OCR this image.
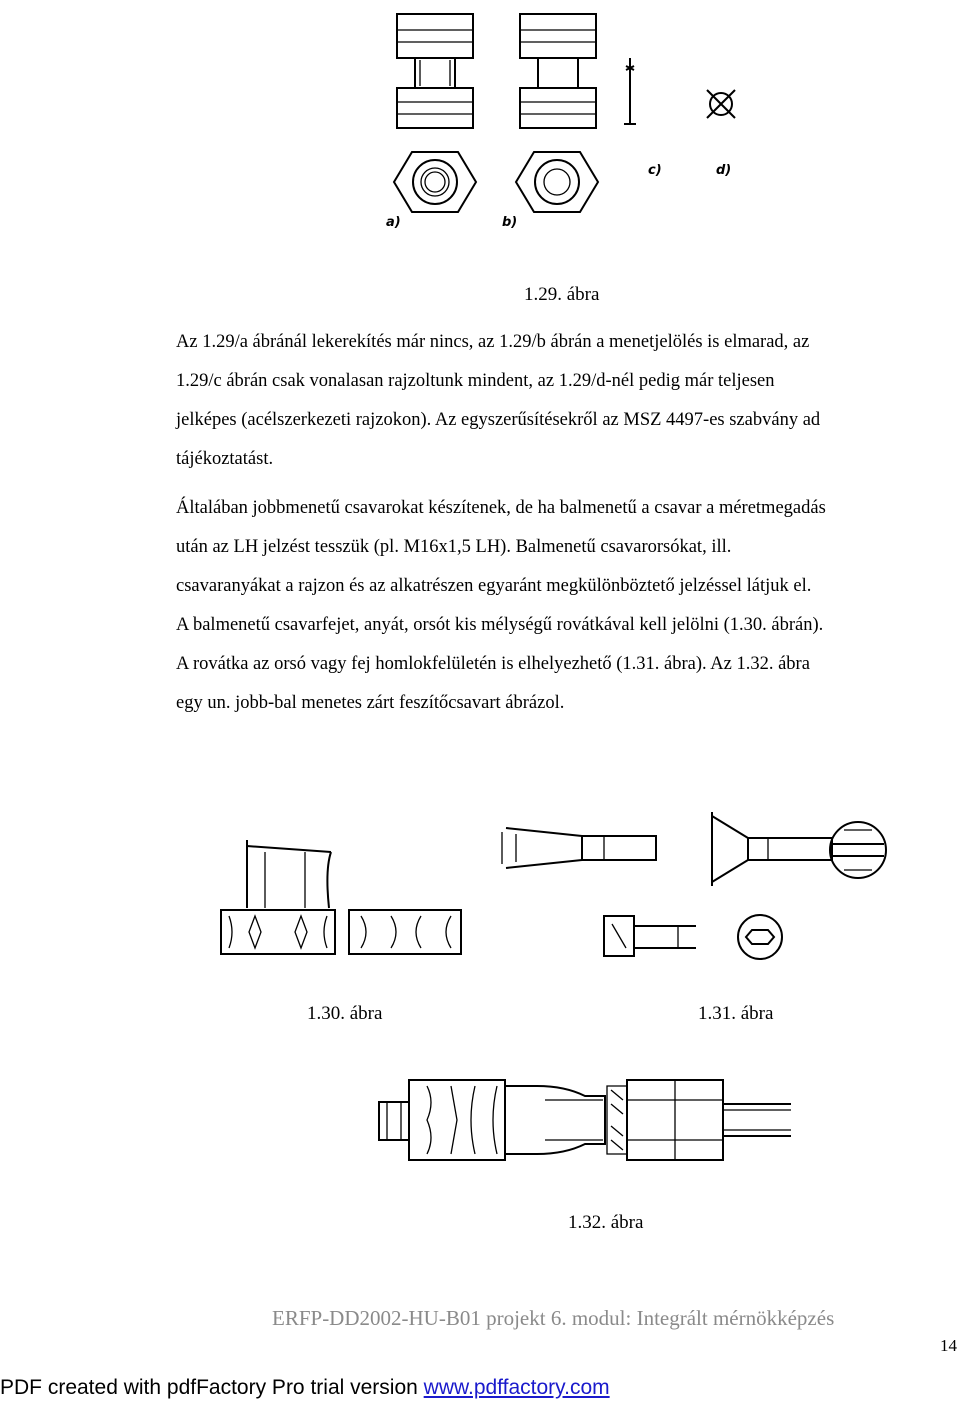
a)	b)
c)	d)
1.29. ábra
Az 1.29/a ábránál lekerekítés már nincs, az 1.29/b ábrán a menetjelölés is elmarad, az
1.29/c ábrán csak vonalasan rajzoltunk mindent, az 1.29/d-nél pedig már teljesen
jelképes (acélszerkezeti rajzokon). Az egyszerűsítésekről az MSZ 4497-es szabvány ad
tájékoztatást.
Általában jobbmenetű csavarokat készítenek, de ha balmenetű a csavar a méretmegadás
után az LH jelzést tesszük (pl. M16x1,5 LH). Balmenetű csavarorsókat, ill.
csavaranyákat a rajzon és az alkatrészen egyaránt megkülönböztető jelzéssel látjuk el.
A balmenetű csavarfejet, anyát, orsót kis mélységű rovátkával kell jelölni (1.30. ábrán).
A rovátka az orsó vagy fej homlokfelületén is elhelyezhető (1.31. ábra). Az 1.32. ábra
egy un. jobb-bal menetes zárt feszítőcsavart ábrázol.
1.30. ábra	1.31. ábra
1.32. ábra
ERFP-DD2002-HU-B01 projekt 6. modul: Integrált mérnökképzés
14
PDF created with pdfFactory Pro trial version www.pdffactory.com
